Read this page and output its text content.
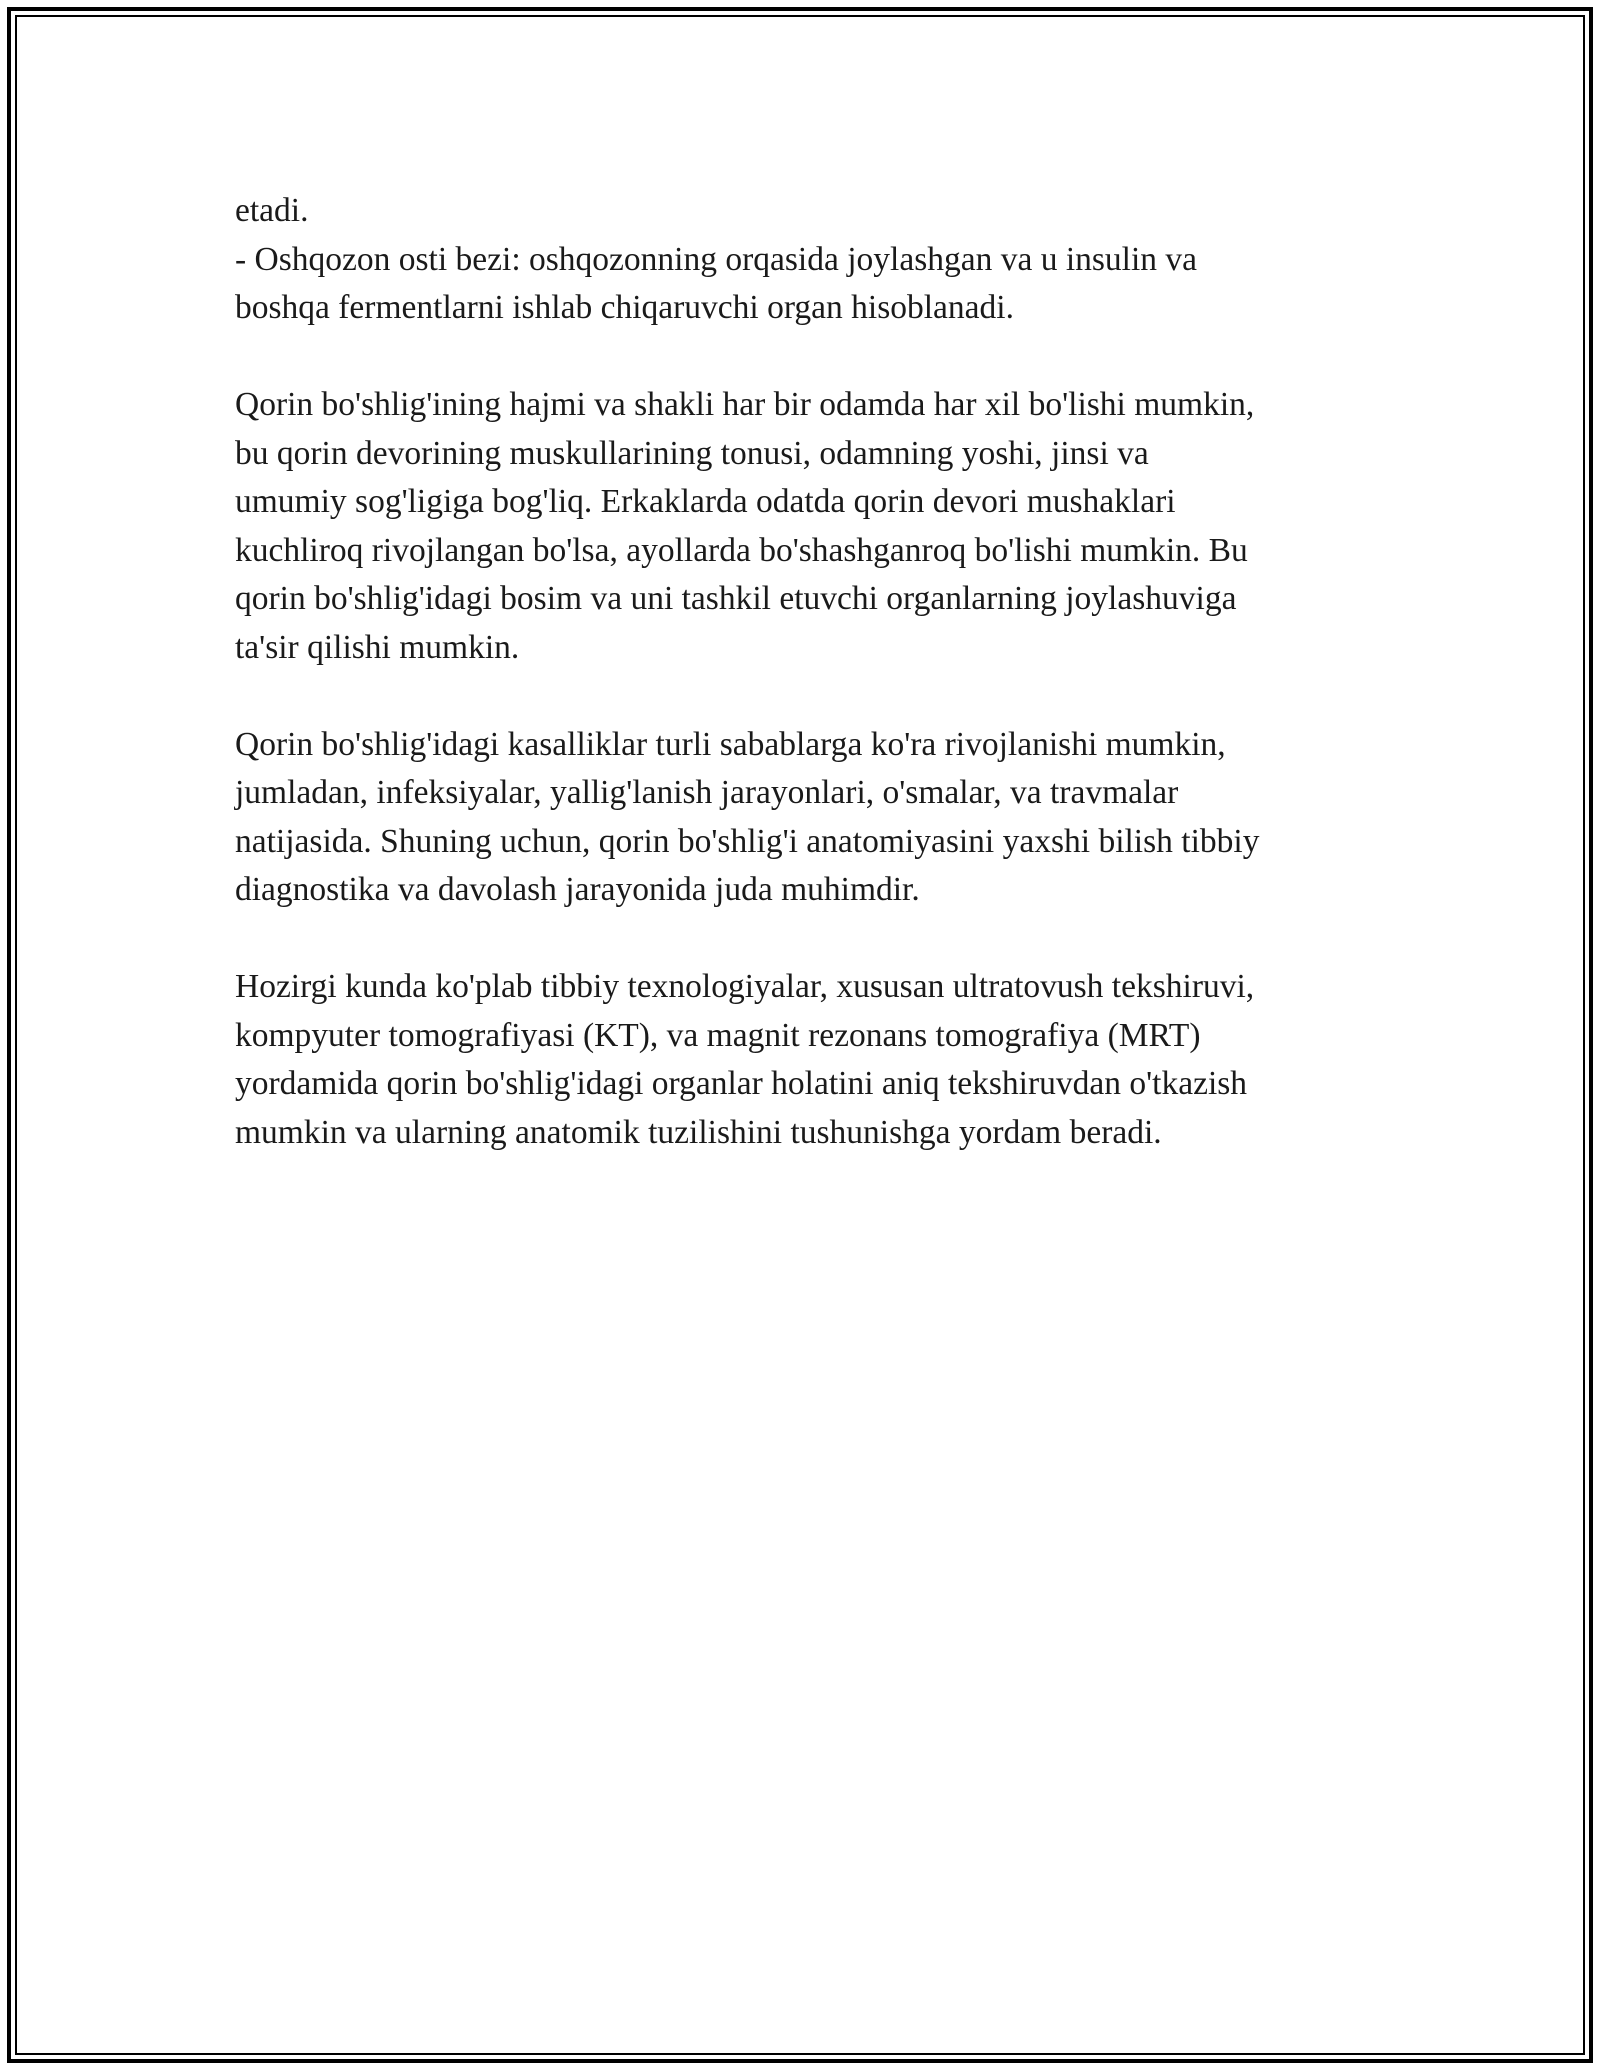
etadi.
- Oshqozon osti bezi: oshqozonning orqasida joylashgan va u insulin va
boshqa fermentlarni ishlab chiqaruvchi organ hisoblanadi.

Qorin bo'shlig'ining hajmi va shakli har bir odamda har xil bo'lishi mumkin,
bu qorin devorining muskullarining tonusi, odamning yoshi, jinsi va
umumiy sog'ligiga bog'liq. Erkaklarda odatda qorin devori mushaklari
kuchliroq rivojlangan bo'lsa, ayollarda bo'shashganroq bo'lishi mumkin. Bu
qorin bo'shlig'idagi bosim va uni tashkil etuvchi organlarning joylashuviga
ta'sir qilishi mumkin.

Qorin bo'shlig'idagi kasalliklar turli sabablarga ko'ra rivojlanishi mumkin,
jumladan, infeksiyalar, yallig'lanish jarayonlari, o'smalar, va travmalar
natijasida. Shuning uchun, qorin bo'shlig'i anatomiyasini yaxshi bilish tibbiy
diagnostika va davolash jarayonida juda muhimdir.

Hozirgi kunda ko'plab tibbiy texnologiyalar, xususan ultratovush tekshiruvi,
kompyuter tomografiyasi (KT), va magnit rezonans tomografiya (MRT)
yordamida qorin bo'shlig'idagi organlar holatini aniq tekshiruvdan o'tkazish
mumkin va ularning anatomik tuzilishini tushunishga yordam beradi.
